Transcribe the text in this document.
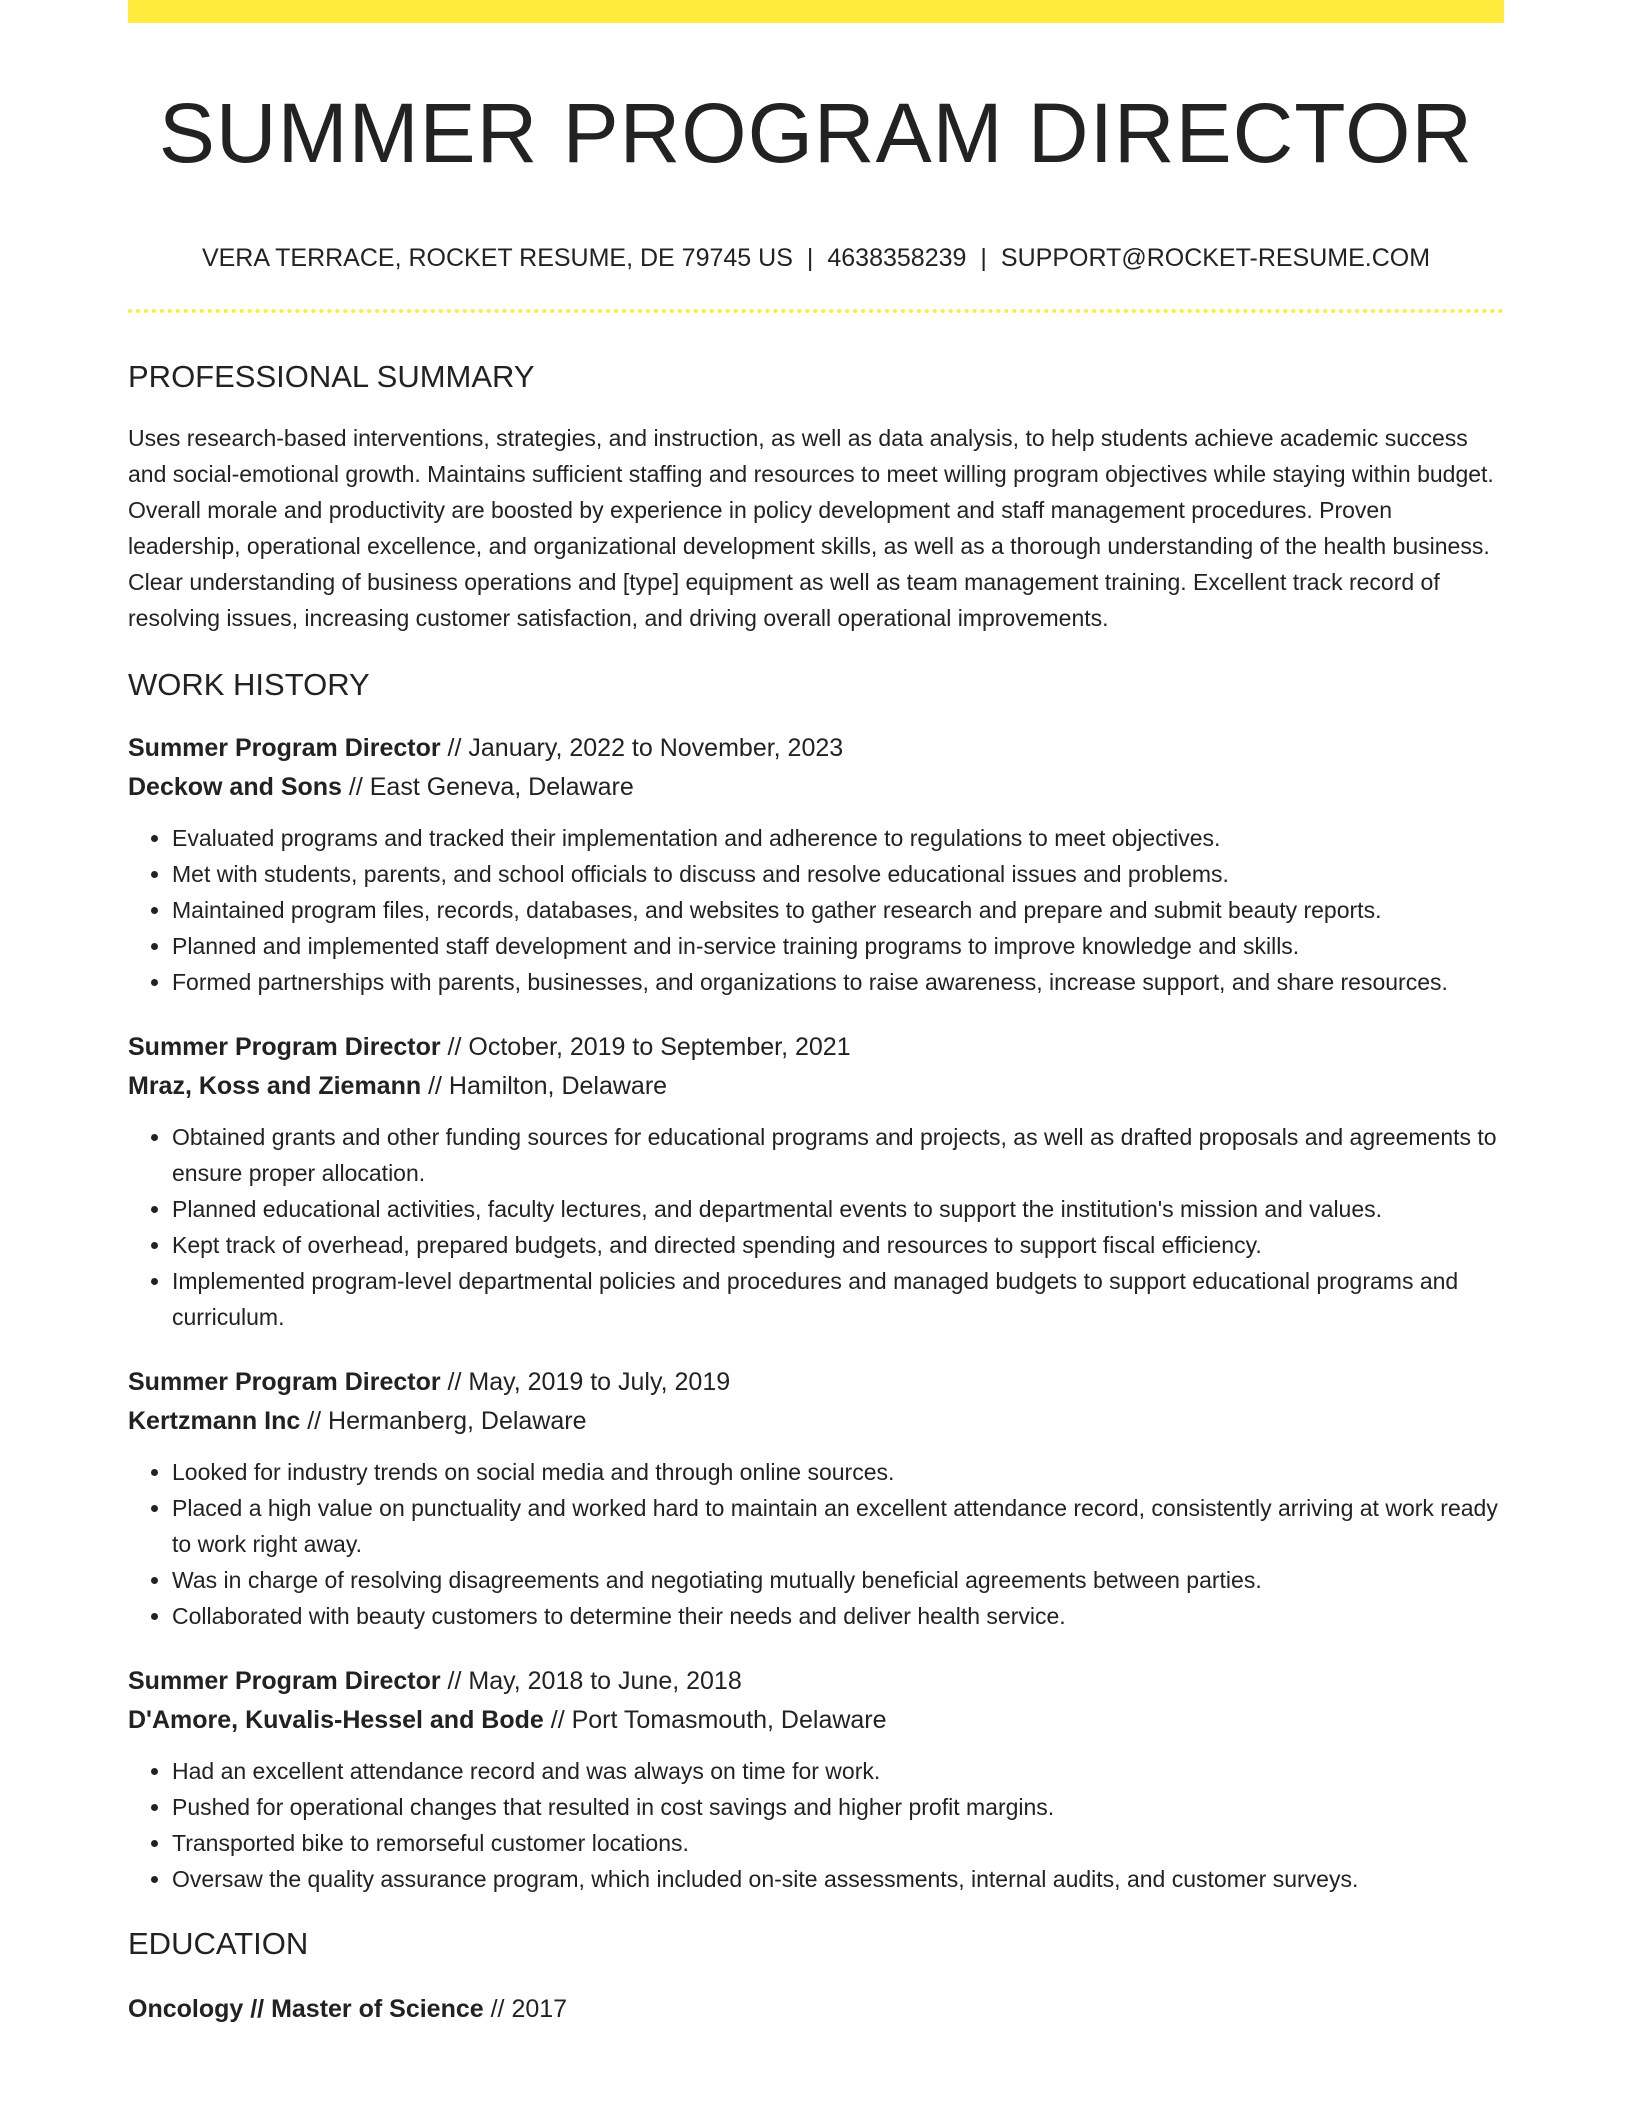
SUMMER PROGRAM DIRECTOR
VERA TERRACE, ROCKET RESUME, DE 79745 US | 4638358239 | SUPPORT@ROCKET-RESUME.COM
PROFESSIONAL SUMMARY

Uses research-based interventions, strategies, and instruction, as well as data analysis, to help students achieve academic success and social-emotional growth. Maintains sufficient staffing and resources to meet willing program objectives while staying within budget. Overall morale and productivity are boosted by experience in policy development and staff management procedures. Proven leadership, operational excellence, and organizational development skills, as well as a thorough understanding of the health business. Clear understanding of business operations and [type] equipment as well as team management training. Excellent track record of resolving issues, increasing customer satisfaction, and driving overall operational improvements.

WORK HISTORY
Summer Program Director // January, 2022 to November, 2023
Deckow and Sons // East Geneva, Delaware
• Evaluated programs and tracked their implementation and adherence to regulations to meet objectives.
• Met with students, parents, and school officials to discuss and resolve educational issues and problems.
• Maintained program files, records, databases, and websites to gather research and prepare and submit beauty reports.
• Planned and implemented staff development and in-service training programs to improve knowledge and skills.
• Formed partnerships with parents, businesses, and organizations to raise awareness, increase support, and share resources.
Summer Program Director // October, 2019 to September, 2021
Mraz, Koss and Ziemann // Hamilton, Delaware
• Obtained grants and other funding sources for educational programs and projects, as well as drafted proposals and agreements to ensure proper allocation.
• Planned educational activities, faculty lectures, and departmental events to support the institution's mission and values.
• Kept track of overhead, prepared budgets, and directed spending and resources to support fiscal efficiency.
• Implemented program-level departmental policies and procedures and managed budgets to support educational programs and curriculum.
Summer Program Director // May, 2019 to July, 2019
Kertzmann Inc // Hermanberg, Delaware
• Looked for industry trends on social media and through online sources.
• Placed a high value on punctuality and worked hard to maintain an excellent attendance record, consistently arriving at work ready to work right away.
• Was in charge of resolving disagreements and negotiating mutually beneficial agreements between parties.
• Collaborated with beauty customers to determine their needs and deliver health service.
Summer Program Director // May, 2018 to June, 2018
D'Amore, Kuvalis-Hessel and Bode // Port Tomasmouth, Delaware
• Had an excellent attendance record and was always on time for work.
• Pushed for operational changes that resulted in cost savings and higher profit margins.
• Transported bike to remorseful customer locations.
• Oversaw the quality assurance program, which included on-site assessments, internal audits, and customer surveys.
EDUCATION
Oncology // Master of Science // 2017
